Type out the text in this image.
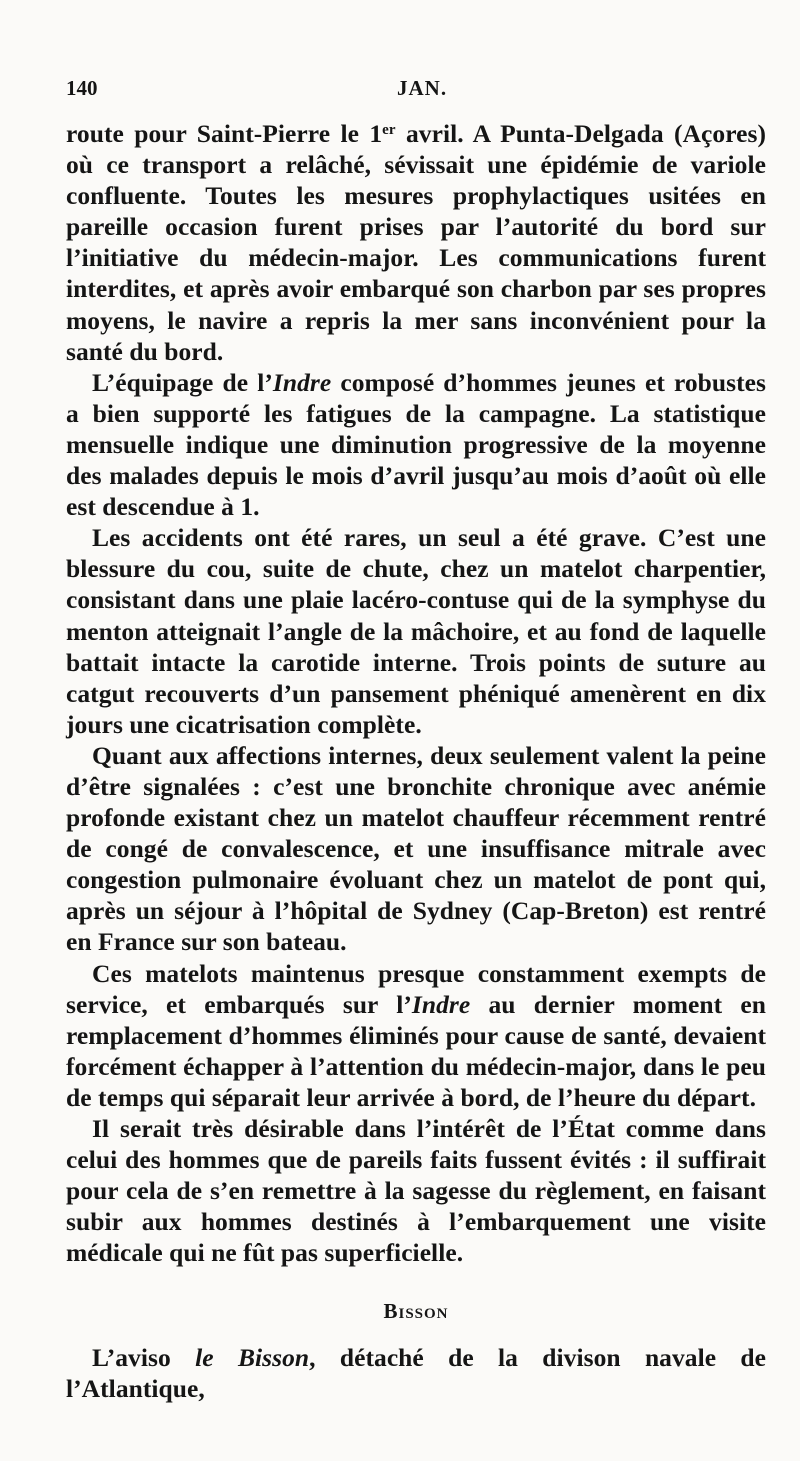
140	JAN.

route pour Saint-Pierre le 1er avril. A Punta-Delgada (Açores) où ce transport a relâché, sévissait une épidémie de variole confluente. Toutes les mesures prophylactiques usitées en pareille occasion furent prises par l’autorité du bord sur l’initiative du médecin-major. Les communications furent interdites, et après avoir embarqué son charbon par ses propres moyens, le navire a repris la mer sans inconvénient pour la santé du bord.

L’équipage de l’Indre composé d’hommes jeunes et robustes a bien supporté les fatigues de la campagne. La statistique mensuelle indique une diminution progressive de la moyenne des malades depuis le mois d’avril jusqu’au mois d’août où elle est descendue à 1.

Les accidents ont été rares, un seul a été grave. C’est une blessure du cou, suite de chute, chez un matelot charpentier, consistant dans une plaie lacéro-contuse qui de la symphyse du menton atteignait l’angle de la mâchoire, et au fond de laquelle battait intacte la carotide interne. Trois points de suture au catgut recouverts d’un pansement phéniqué amenèrent en dix jours une cicatrisation complète.

Quant aux affections internes, deux seulement valent la peine d’être signalées : c’est une bronchite chronique avec anémie profonde existant chez un matelot chauffeur récemment rentré de congé de convalescence, et une insuffisance mitrale avec congestion pulmonaire évoluant chez un matelot de pont qui, après un séjour à l’hôpital de Sydney (Cap-Breton) est rentré en France sur son bateau.

Ces matelots maintenus presque constamment exempts de service, et embarqués sur l’Indre au dernier moment en remplacement d’hommes éliminés pour cause de santé, devaient forcément échapper à l’attention du médecin-major, dans le peu de temps qui séparait leur arrivée à bord, de l’heure du départ.

Il serait très désirable dans l’intérêt de l’État comme dans celui des hommes que de pareils faits fussent évités : il suffirait pour cela de s’en remettre à la sagesse du règlement, en faisant subir aux hommes destinés à l’embarquement une visite médicale qui ne fût pas superficielle.

Bisson

L’aviso le Bisson, détaché de la divison navale de l’Atlantique,
